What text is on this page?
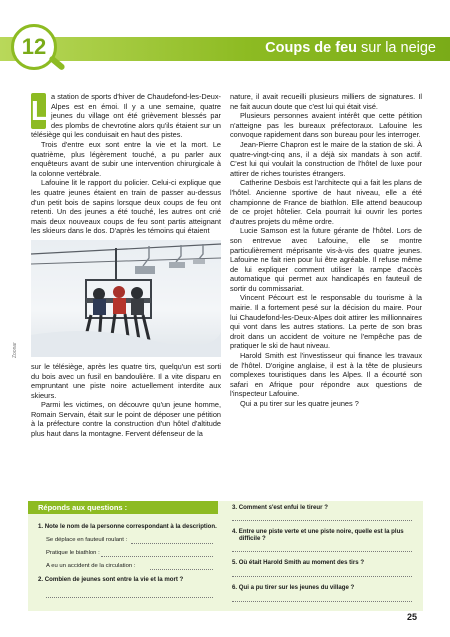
Coups de feu sur la neige
12

L a station de sports d'hiver de Chaudefond-les-Deux-Alpes est en émoi. Il y a une semaine, quatre jeunes du village ont été grièvement blessés par des plombs de chevrotine alors qu'ils étaient sur un télésiège qui les conduisait en haut des pistes.

Trois d'entre eux sont entre la vie et la mort. Le quatrième, plus légèrement touché, a pu parler aux enquêteurs avant de subir une intervention chirurgicale à la colonne vertébrale.

Lafouine lit le rapport du policier. Celui-ci explique que les quatre jeunes étaient en train de passer au-dessus d'un petit bois de sapins lorsque deux coups de feu ont retenti. Un des jeunes a été touché, les autres ont crié mais deux nouveaux coups de feu sont partis atteignant les skieurs dans le dos. D'après les témoins qui étaient

sur le télésiège, après les quatre tirs, quelqu'un est sorti du bois avec un fusil en bandoulière. Il a vite disparu en empruntant une piste noire actuellement interdite aux skieurs.

Parmi les victimes, on découvre qu'un jeune homme, Romain Servain, était sur le point de déposer une pétition à la préfecture contre la construction d'un hôtel d'altitude plus haut dans la montagne. Fervent défenseur de la

Zoonar

nature, il avait recueilli plusieurs milliers de signatures. Il ne fait aucun doute que c'est lui qui était visé.

Plusieurs personnes avaient intérêt que cette pétition n'atteigne pas les bureaux préfectoraux. Lafouine les convoque rapidement dans son bureau pour les interroger.

Jean-Pierre Chapron est le maire de la station de ski. À quatre-vingt-cinq ans, il a déjà six mandats à son actif. C'est lui qui voulait la construction de l'hôtel de luxe pour attirer de riches touristes étrangers.

Catherine Desbois est l'architecte qui a fait les plans de l'hôtel. Ancienne sportive de haut niveau, elle a été championne de France de biathlon. Elle attend beaucoup de ce projet hôtelier. Cela pourrait lui ouvrir les portes d'autres projets du même ordre.

Lucie Samson est la future gérante de l'hôtel. Lors de son entrevue avec Lafouine, elle se montre particulièrement méprisante vis-à-vis des quatre jeunes. Lafouine ne fait rien pour lui être agréable. Il refuse même de lui expliquer comment utiliser la rampe d'accès automatique qui permet aux handicapés en fauteuil de sortir du commissariat.

Vincent Pécourt est le responsable du tourisme à la mairie. Il a fortement pesé sur la décision du maire. Pour lui Chaudefond-les-Deux-Alpes doit attirer les millionnaires qui vont dans les autres stations. La perte de son bras droit dans un accident de voiture ne l'empêche pas de pratiquer le ski de haut niveau.

Harold Smith est l'investisseur qui finance les travaux de l'hôtel. D'origine anglaise, il est à la tête de plusieurs complexes touristiques dans les Alpes. Il a écourté son safari en Afrique pour répondre aux questions de l'inspecteur Lafouine.

Qui a pu tirer sur les quatre jeunes ?

Réponds aux questions :
1. Note le nom de la personne correspondant à la description.
Se déplace en fauteuil roulant :
Pratique le biathlon :
A eu un accident de la circulation :
2. Combien de jeunes sont entre la vie et la mort ?
3. Comment s'est enfui le tireur ?
4. Entre une piste verte et une piste noire, quelle est la plus
difficile ?
5. Où était Harold Smith au moment des tirs ?
6. Qui a pu tirer sur les jeunes du village ?
25
